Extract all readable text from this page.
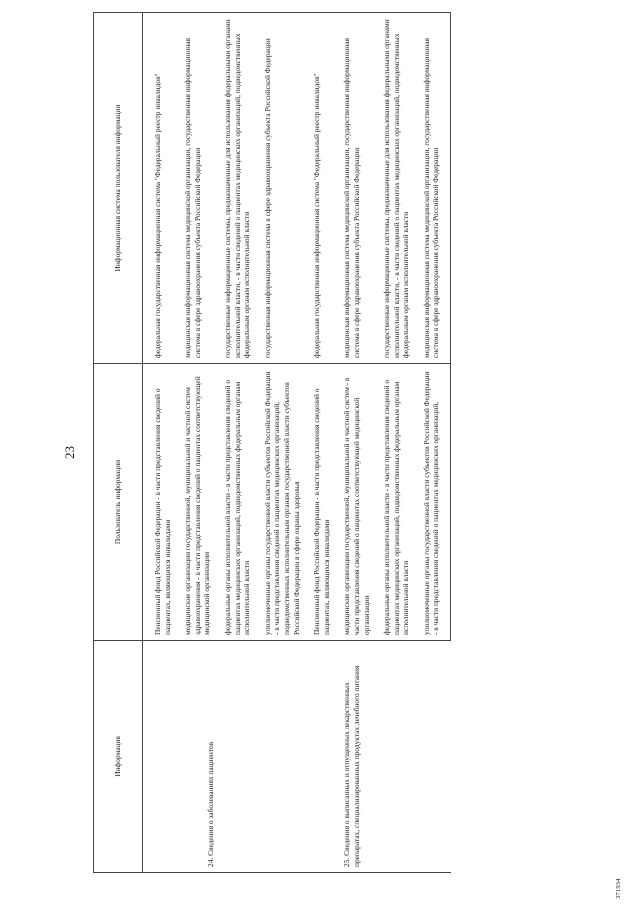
23
Информация	Пользователь информации	Информационная система пользователя информации

24. Сведения о заболеваниях пациентов	Пенсионный фонд Российской Федерации - в части представления сведений о пациентах, являющихся инвалидами	федеральная государственная информационная система "Федеральный реестр инвалидов"

	медицинские организации государственной, муниципальной и частной систем здравоохранения - в части представления сведений о пациентах соответствующей медицинской организации	медицинская информационная система медицинской организации, государственная информационная система в сфере здравоохранения субъекта Российской Федерации

	федеральные органы исполнительной власти - в части представления сведений о пациентах медицинских организаций, подведомственных федеральным органам исполнительной власти	государственные информационные системы, предназначенные для использования федеральными органами исполнительной власти, - в части сведений о пациентах медицинских организаций, подведомственных федеральным органам исполнительной власти

	уполномоченные органы государственной власти субъектов Российской Федерации - в части представления сведений о пациентах медицинских организаций, подведомственных исполнительным органам государственной власти субъектов Российской Федерации в сфере охраны здоровья	государственная информационная система в сфере здравоохранения субъекта Российской Федерации

	Пенсионный фонд Российской Федерации - в части представления сведений о пациентах, являющихся инвалидами	федеральная государственная информационная система "Федеральный реестр инвалидов"

25. Сведения о выписанных и отпущенных лекарственных препаратах, специализированных продуктах лечебного питания	медицинские организации государственной, муниципальной и частной систем - в части представления сведений о пациентах соответствующей медицинской организации	медицинская информационная система медицинской организации, государственная информационная система в сфере здравоохранения субъекта Российской Федерации

	федеральные органы исполнительной власти - в части представления сведений о пациентах медицинских организаций, подведомственных федеральным органам исполнительной власти	государственные информационные системы, предназначенные для использования федеральными органами исполнительной власти, - в части сведений о пациентах медицинских организаций, подведомственных федеральным органам исполнительной власти

	уполномоченные органы государственной власти субъектов Российской Федерации - в части представления сведений о пациентах медицинских организаций,	медицинская информационная система медицинской организации, государственная информационная система в сфере здравоохранения субъекта Российской Федерации
371934
